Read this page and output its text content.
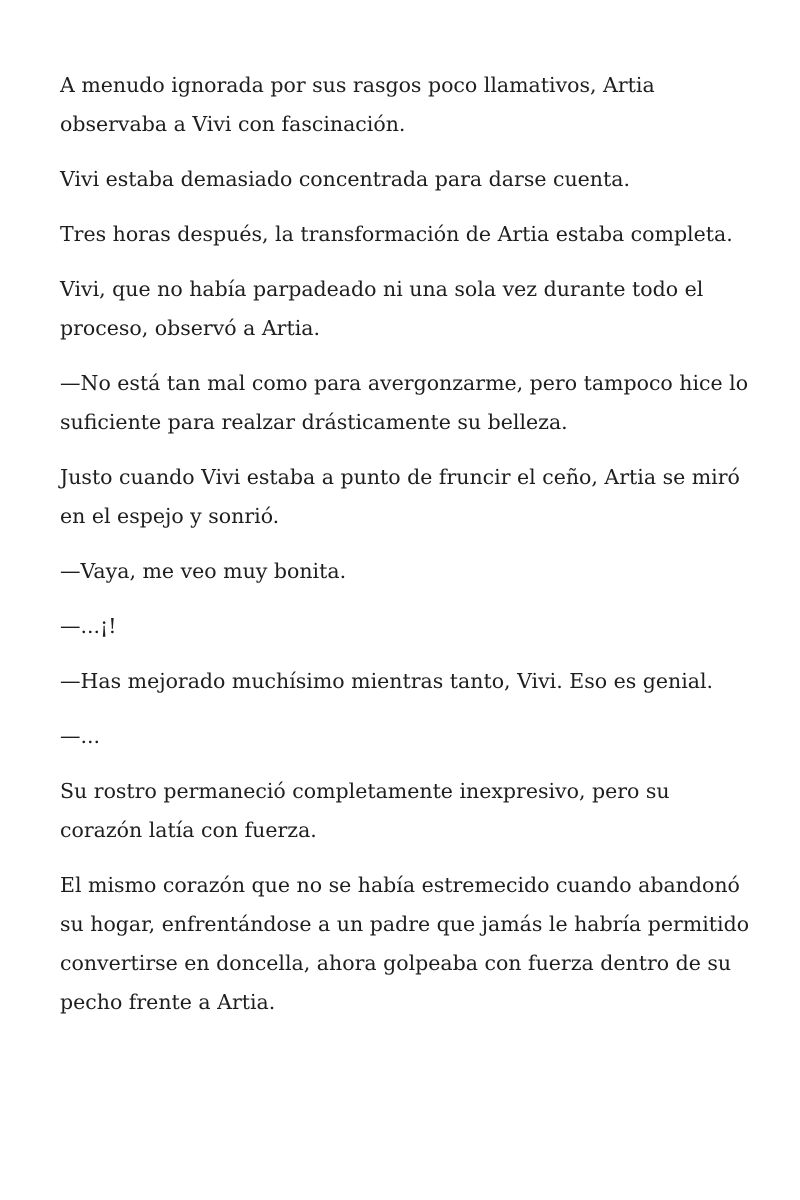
A menudo ignorada por sus rasgos poco llamativos, Artia observaba a Vivi con fascinación.

Vivi estaba demasiado concentrada para darse cuenta.

Tres horas después, la transformación de Artia estaba completa.

Vivi, que no había parpadeado ni una sola vez durante todo el proceso, observó a Artia.

—No está tan mal como para avergonzarme, pero tampoco hice lo suficiente para realzar drásticamente su belleza.

Justo cuando Vivi estaba a punto de fruncir el ceño, Artia se miró en el espejo y sonrió.

—Vaya, me veo muy bonita.

—...¡!

—Has mejorado muchísimo mientras tanto, Vivi. Eso es genial.

—...

Su rostro permaneció completamente inexpresivo, pero su corazón latía con fuerza.

El mismo corazón que no se había estremecido cuando abandonó su hogar, enfrentándose a un padre que jamás le habría permitido convertirse en doncella, ahora golpeaba con fuerza dentro de su pecho frente a Artia.
